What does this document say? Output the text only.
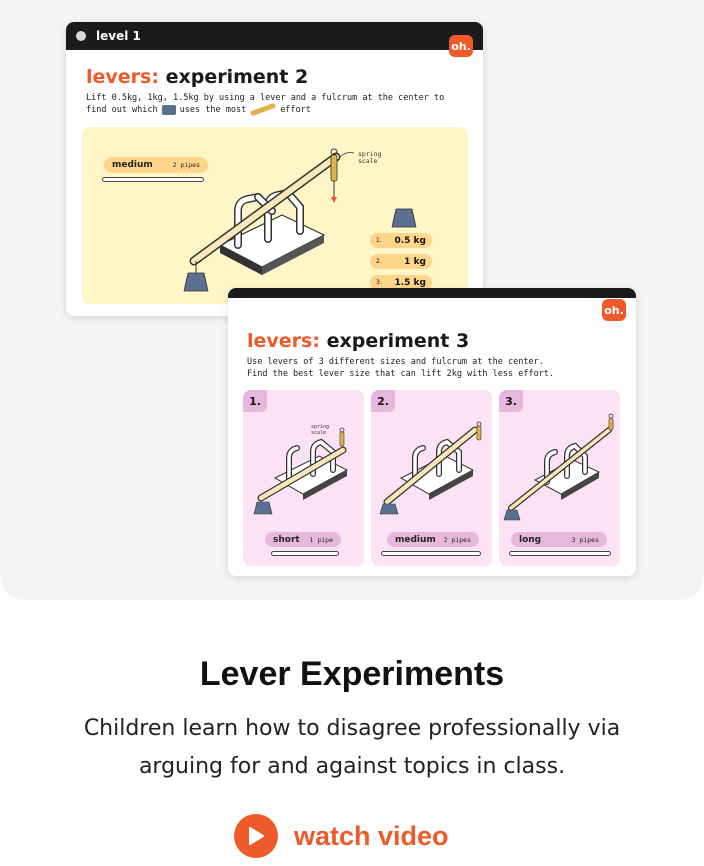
level 1
oh.
levers: experiment 2
Lift 0.5kg, 1kg, 1.5kg by using a lever and a fulcrum at the center to
find out which	uses the most	effort
medium	2 pipes
spring scale
1. 0.5 kg
2. 1 kg
3. 1.5 kg
oh.
levers: experiment 3
Use levers of 3 different sizes and fulcrum at the center.
Find the best lever size that can lift 2kg with less effort.
1.
spring scale
short 1 pipe
2.
medium 2 pipes
3.
long	3 pipes
Lever Experiments
Children learn how to disagree professionally via arguing for and against topics in class.
watch video
